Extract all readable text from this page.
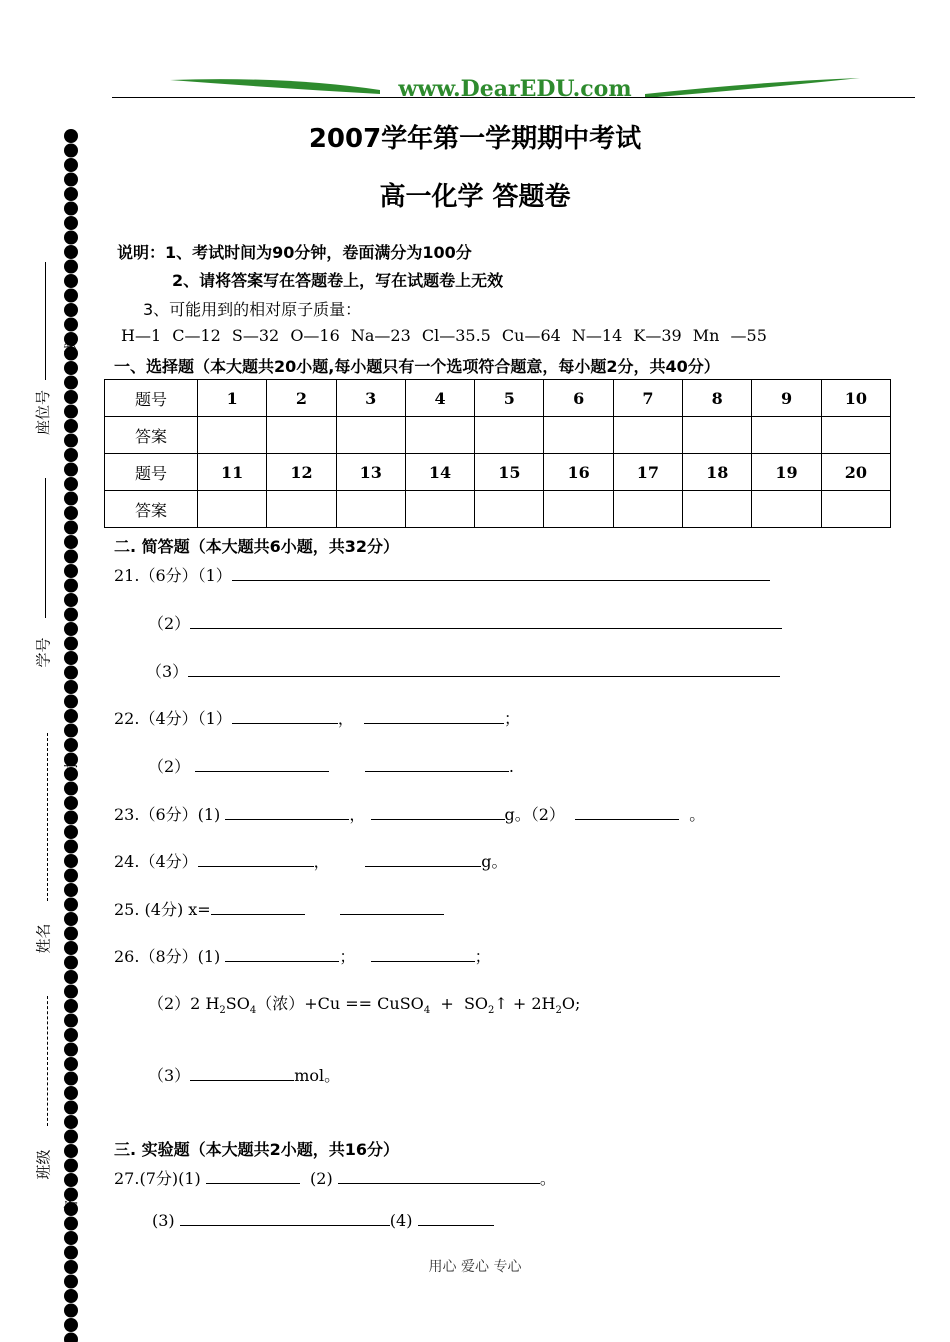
www.DearEDU.com
2007学年第一学期期中考试
高一化学 答题卷
说明：1、考试时间为90分钟，卷面满分为100分
2、请将答案写在答题卷上，写在试题卷上无效
3、可能用到的相对原子质量：
H—1 C—12 S—32 O—16 Na—23 Cl—35.5 Cu—64 N—14 K—39 Mn —55
一、选择题（本大题共20小题,每小题只有一个选项符合题意，每小题2分，共40分）
题号	1	2	3	4	5	6	7	8	9	10
答案										
题号	11	12	13	14	15	16	17	18	19	20
答案										
二. 简答题（本大题共6小题，共32分）
21.（6分）（1）
（2）
（3）
22.（4分）（1）	，	；
（2）	.
23.（6分）(1)	，	g。（2）	。
24.（4分）	，	g。
25. (4分) x=
26.（8分）(1)	；	；
（2）2 $H_2SO_4$（浓）+Cu == CuSO$_4$  +  $SO_2↑ + 2H_2O$;
（3）	mol。
三. 实验题（本大题共2小题，共16分）
27.(7分)(1)	(2)	。
(3)	(4)
座位号
线
学号
封
姓名
班级
密
用心 爱心 专心
